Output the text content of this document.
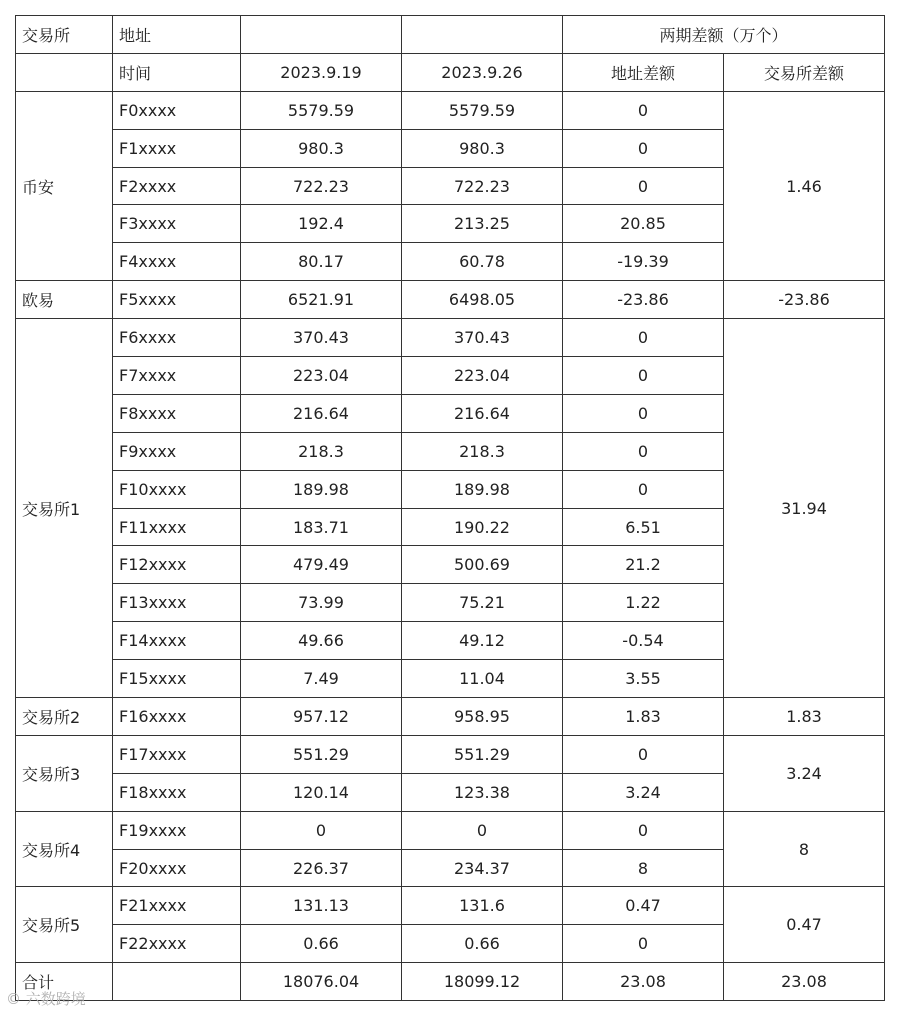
交易所	地址			两期差额（万个）	
	时间	2023.9.19	2023.9.26	地址差额	交易所差额
币安	F0xxxx	5579.59	5579.59	0	1.46
	F1xxxx	980.3	980.3	0	
	F2xxxx	722.23	722.23	0	
	F3xxxx	192.4	213.25	20.85	
	F4xxxx	80.17	60.78	-19.39	
欧易	F5xxxx	6521.91	6498.05	-23.86	-23.86
交易所1	F6xxxx	370.43	370.43	0	31.94
	F7xxxx	223.04	223.04	0	
	F8xxxx	216.64	216.64	0	
	F9xxxx	218.3	218.3	0	
	F10xxxx	189.98	189.98	0	
	F11xxxx	183.71	190.22	6.51	
	F12xxxx	479.49	500.69	21.2	
	F13xxxx	73.99	75.21	1.22	
	F14xxxx	49.66	49.12	-0.54	
	F15xxxx	7.49	11.04	3.55	
交易所2	F16xxxx	957.12	958.95	1.83	1.83
交易所3	F17xxxx	551.29	551.29	0	3.24
	F18xxxx	120.14	123.38	3.24	
交易所4	F19xxxx	0	0	0	8
	F20xxxx	226.37	234.37	8	
交易所5	F21xxxx	131.13	131.6	0.47	0.47
	F22xxxx	0.66	0.66	0	
合计		18076.04	18099.12	23.08	23.08
© 六数跨境
